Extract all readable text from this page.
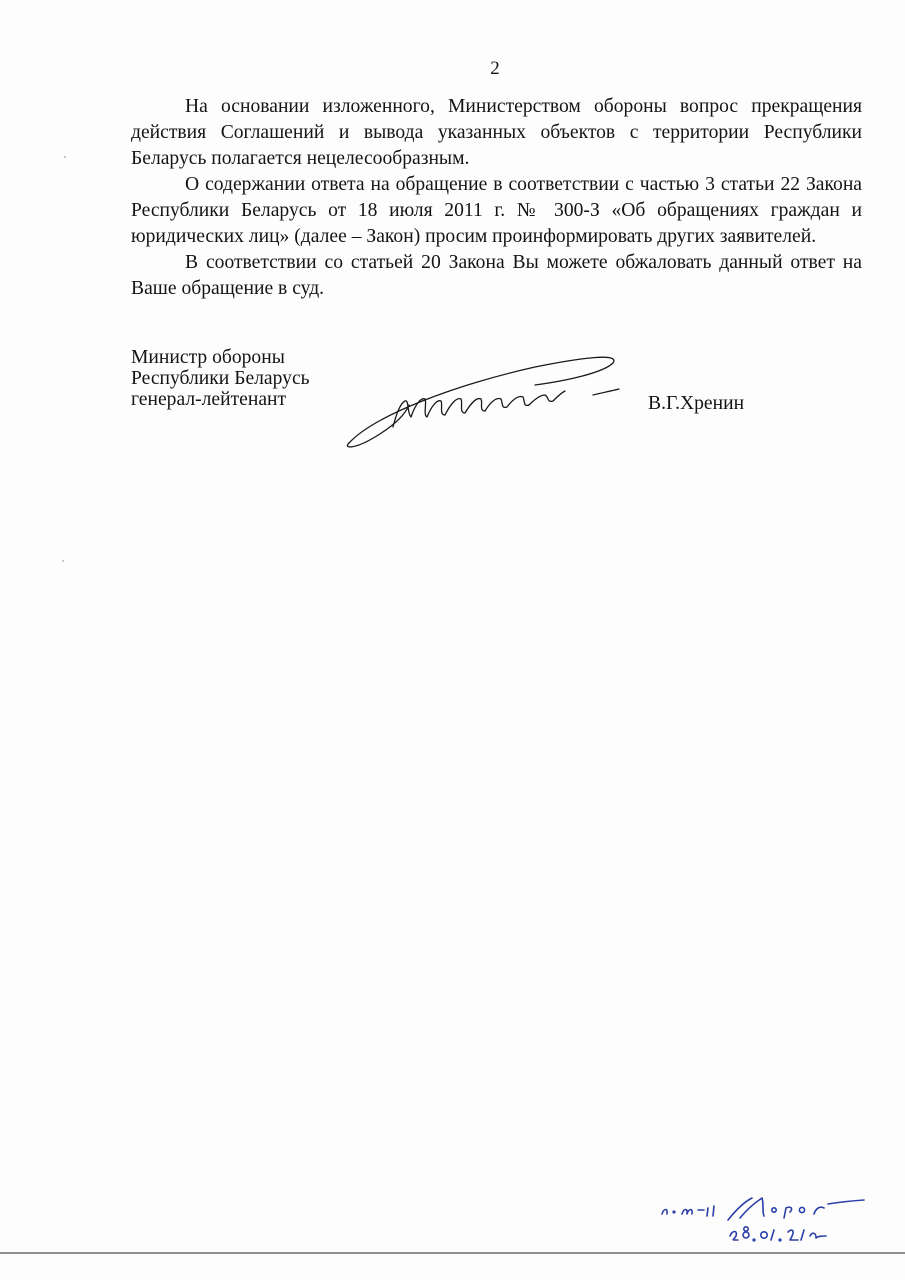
2

На основании изложенного, Министерством обороны вопрос прекращения действия Соглашений и вывода указанных объектов с территории Республики Беларусь полагается нецелесообразным.

О содержании ответа на обращение в соответствии с частью 3 статьи 22 Закона Республики Беларусь от 18 июля 2011 г. № 300-З «Об обращениях граждан и юридических лиц» (далее – Закон) просим проинформировать других заявителей.

В соответствии со статьей 20 Закона Вы можете обжаловать данный ответ на Ваше обращение в суд.

Министр обороны
Республики Беларусь
генерал-лейтенант	В.Г.Хренин
